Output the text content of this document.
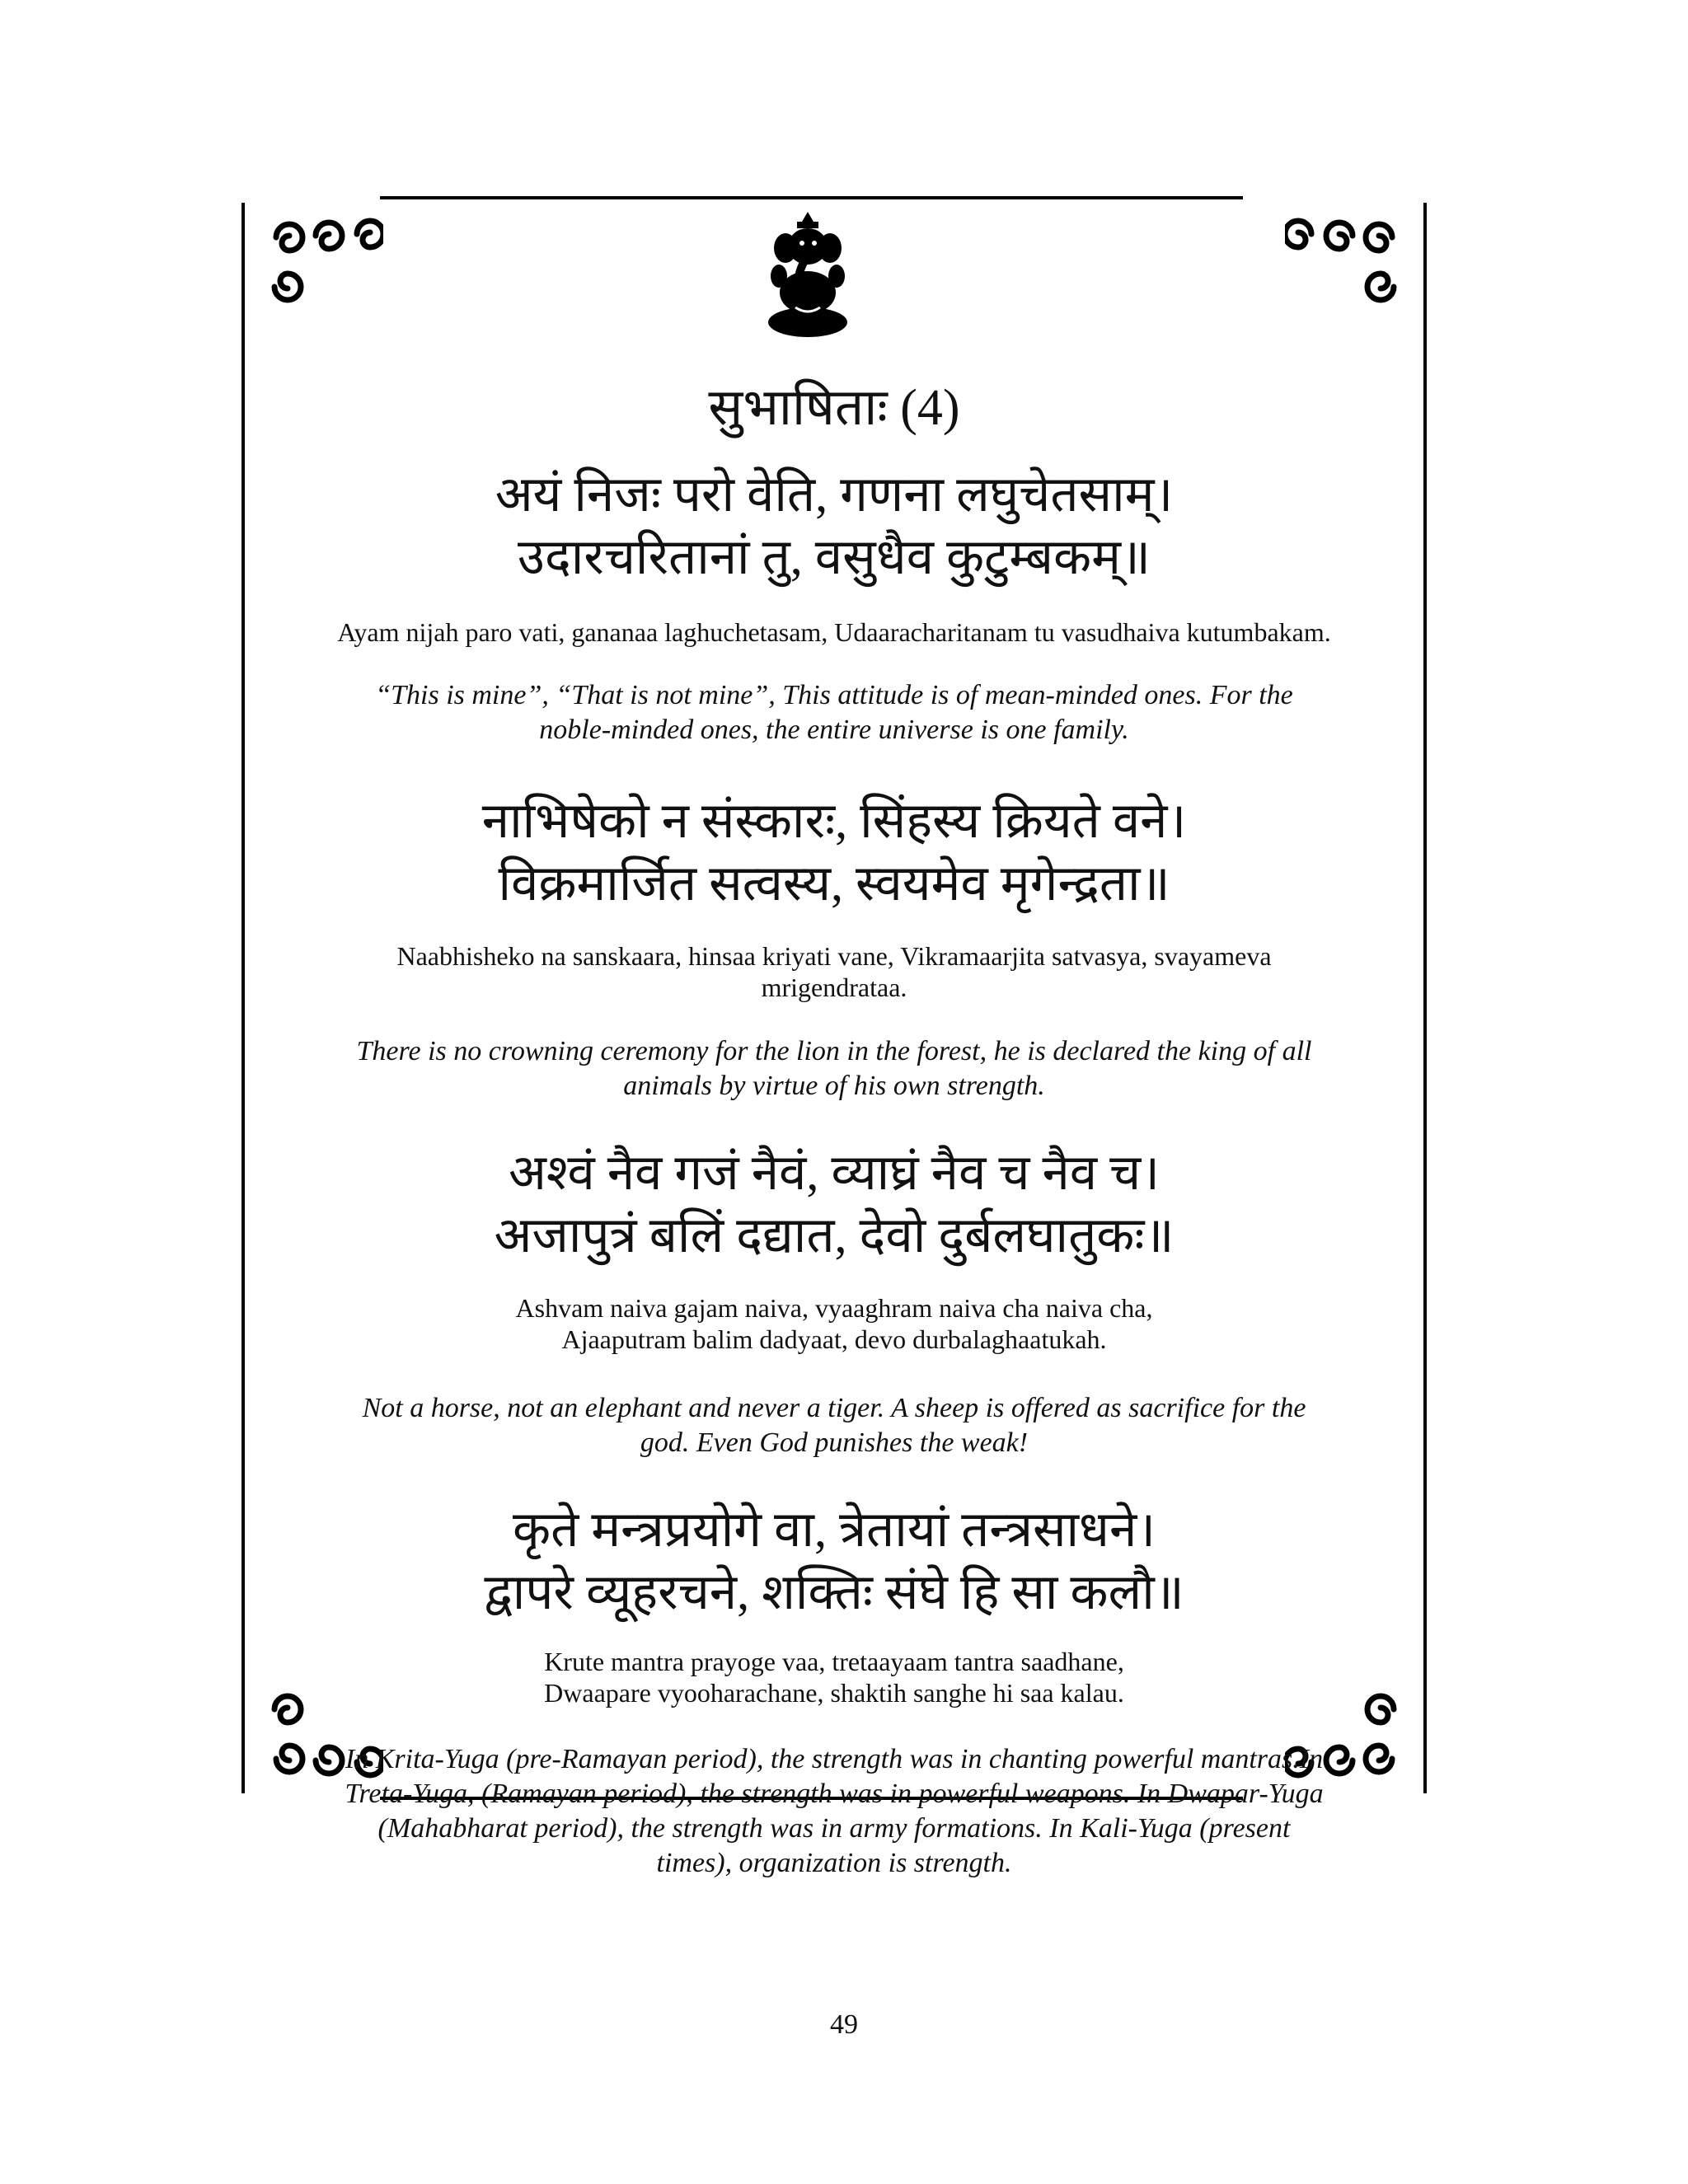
सुभाषिताः (4)
अयं निजः परो वेति, गणना लघुचेतसाम्।
उदारचरितानां तु, वसुधैव कुटुम्बकम्॥
Ayam nijah paro vati, gananaa laghuchetasam, Udaaracharitanam tu vasudhaiva kutumbakam.
“This is mine”, “That is not mine”, This attitude is of mean-minded ones. For the
noble-minded ones, the entire universe is one family.
नाभिषेको न संस्कारः, सिंहस्य क्रियते वने।
विक्रमार्जित सत्वस्य, स्वयमेव मृगेन्द्रता॥
Naabhisheko na sanskaara, hinsaa kriyati vane, Vikramaarjita satvasya, svayameva
mrigendrataa.
There is no crowning ceremony for the lion in the forest, he is declared the king of all
animals by virtue of his own strength.
अश्वं नैव गजं नैवं, व्याघ्रं नैव च नैव च।
अजापुत्रं बलिं दद्यात, देवो दुर्बलघातुकः॥
Ashvam naiva gajam naiva, vyaaghram naiva cha naiva cha,
Ajaaputram balim dadyaat, devo durbalaghaatukah.
Not a horse, not an elephant and never a tiger. A sheep is offered as sacrifice for the
god. Even God punishes the weak!
कृते मन्त्रप्रयोगे वा, त्रेतायां तन्त्रसाधने।
द्वापरे व्यूहरचने, शक्तिः संघे हि सा कलौ॥
Krute mantra prayoge vaa, tretaayaam tantra saadhane,
Dwaapare vyooharachane, shaktih sanghe hi saa kalau.
In Krita-Yuga (pre-Ramayan period), the strength was in chanting powerful mantras.In
Treta-Yuga, (Ramayan period), the strength was in powerful weapons. In Dwapar-Yuga
(Mahabharat period), the strength was in army formations. In Kali-Yuga (present
times), organization is strength.
49
